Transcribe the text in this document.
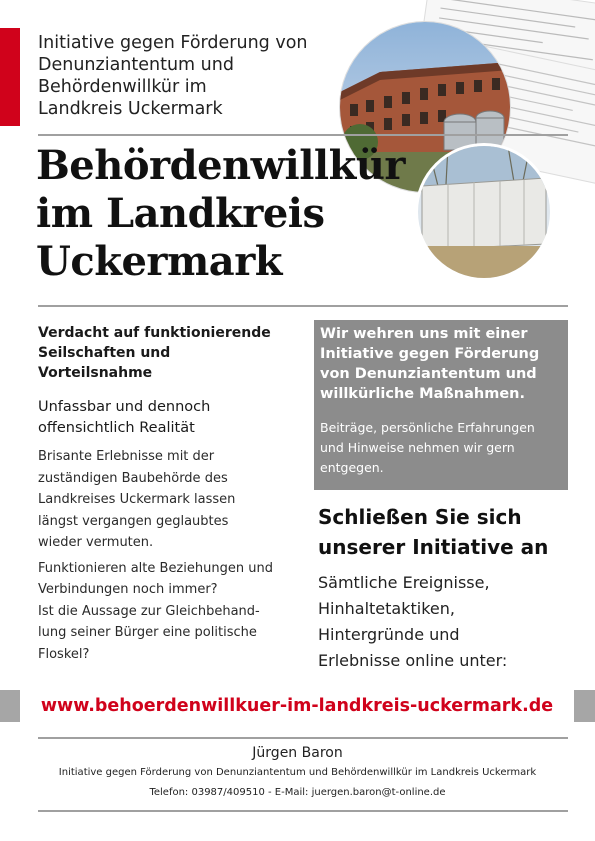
Initiative gegen Förderung von
Denunziantentum und
Behördenwillkür im
Landkreis Uckermark
Behördenwillkür
im Landkreis
Uckermark
Verdacht auf funktionierende
Seilschaften und
Vorteilsnahme
Unfassbar und dennoch
offensichtlich Realität

Brisante Erlebnisse mit der
zuständigen Baubehörde des
Landkreises Uckermark lassen
längst vergangen geglaubtes
wieder vermuten.

Funktionieren alte Beziehungen und
Verbindungen noch immer?
Ist die Aussage zur Gleichbehand-
lung seiner Bürger eine politische
Floskel?

Wir wehren uns mit einer
Initiative gegen Förderung
von Denunziantentum und
willkürliche Maßnahmen.
Beiträge, persönliche Erfahrungen
und Hinweise nehmen wir gern
entgegen.
Schließen Sie sich
unserer Initiative an
Sämtliche Ereignisse,
Hinhaltetaktiken,
Hintergründe und
Erlebnisse online unter:
www.behoerdenwillkuer-im-landkreis-uckermark.de
Jürgen Baron
Initiative gegen Förderung von Denunziantentum und Behördenwillkür im Landkreis Uckermark
Telefon: 03987/409510 - E-Mail: juergen.baron@t-online.de
